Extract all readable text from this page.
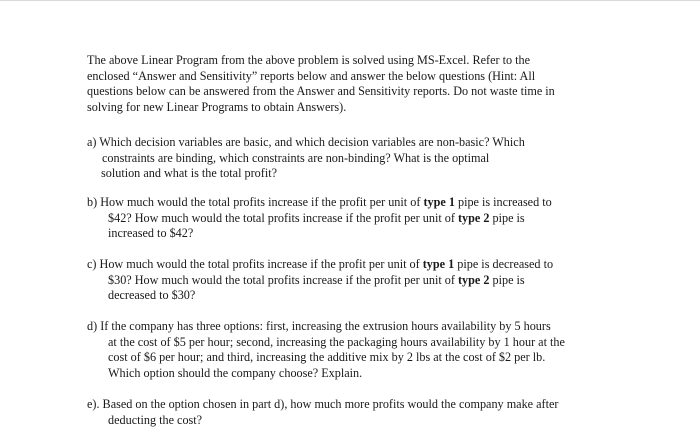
The above Linear Program from the above problem is solved using MS-Excel. Refer to the
enclosed “Answer and Sensitivity” reports below and answer the below questions (Hint: All
questions below can be answered from the Answer and Sensitivity reports. Do not waste time in
solving for new Linear Programs to obtain Answers).
a) Which decision variables are basic, and which decision variables are non-basic? Which
constraints are binding, which constraints are non-binding? What is the optimal
solution and what is the total profit?
b) How much would the total profits increase if the profit per unit of type 1 pipe is increased to
$42? How much would the total profits increase if the profit per unit of type 2 pipe is
increased to $42?
c) How much would the total profits increase if the profit per unit of type 1 pipe is decreased to
$30? How much would the total profits increase if the profit per unit of type 2 pipe is
decreased to $30?
d) If the company has three options: first, increasing the extrusion hours availability by 5 hours
at the cost of $5 per hour; second, increasing the packaging hours availability by 1 hour at the
cost of $6 per hour; and third, increasing the additive mix by 2 lbs at the cost of $2 per lb.
Which option should the company choose? Explain.
e). Based on the option chosen in part d), how much more profits would the company make after
deducting the cost?
